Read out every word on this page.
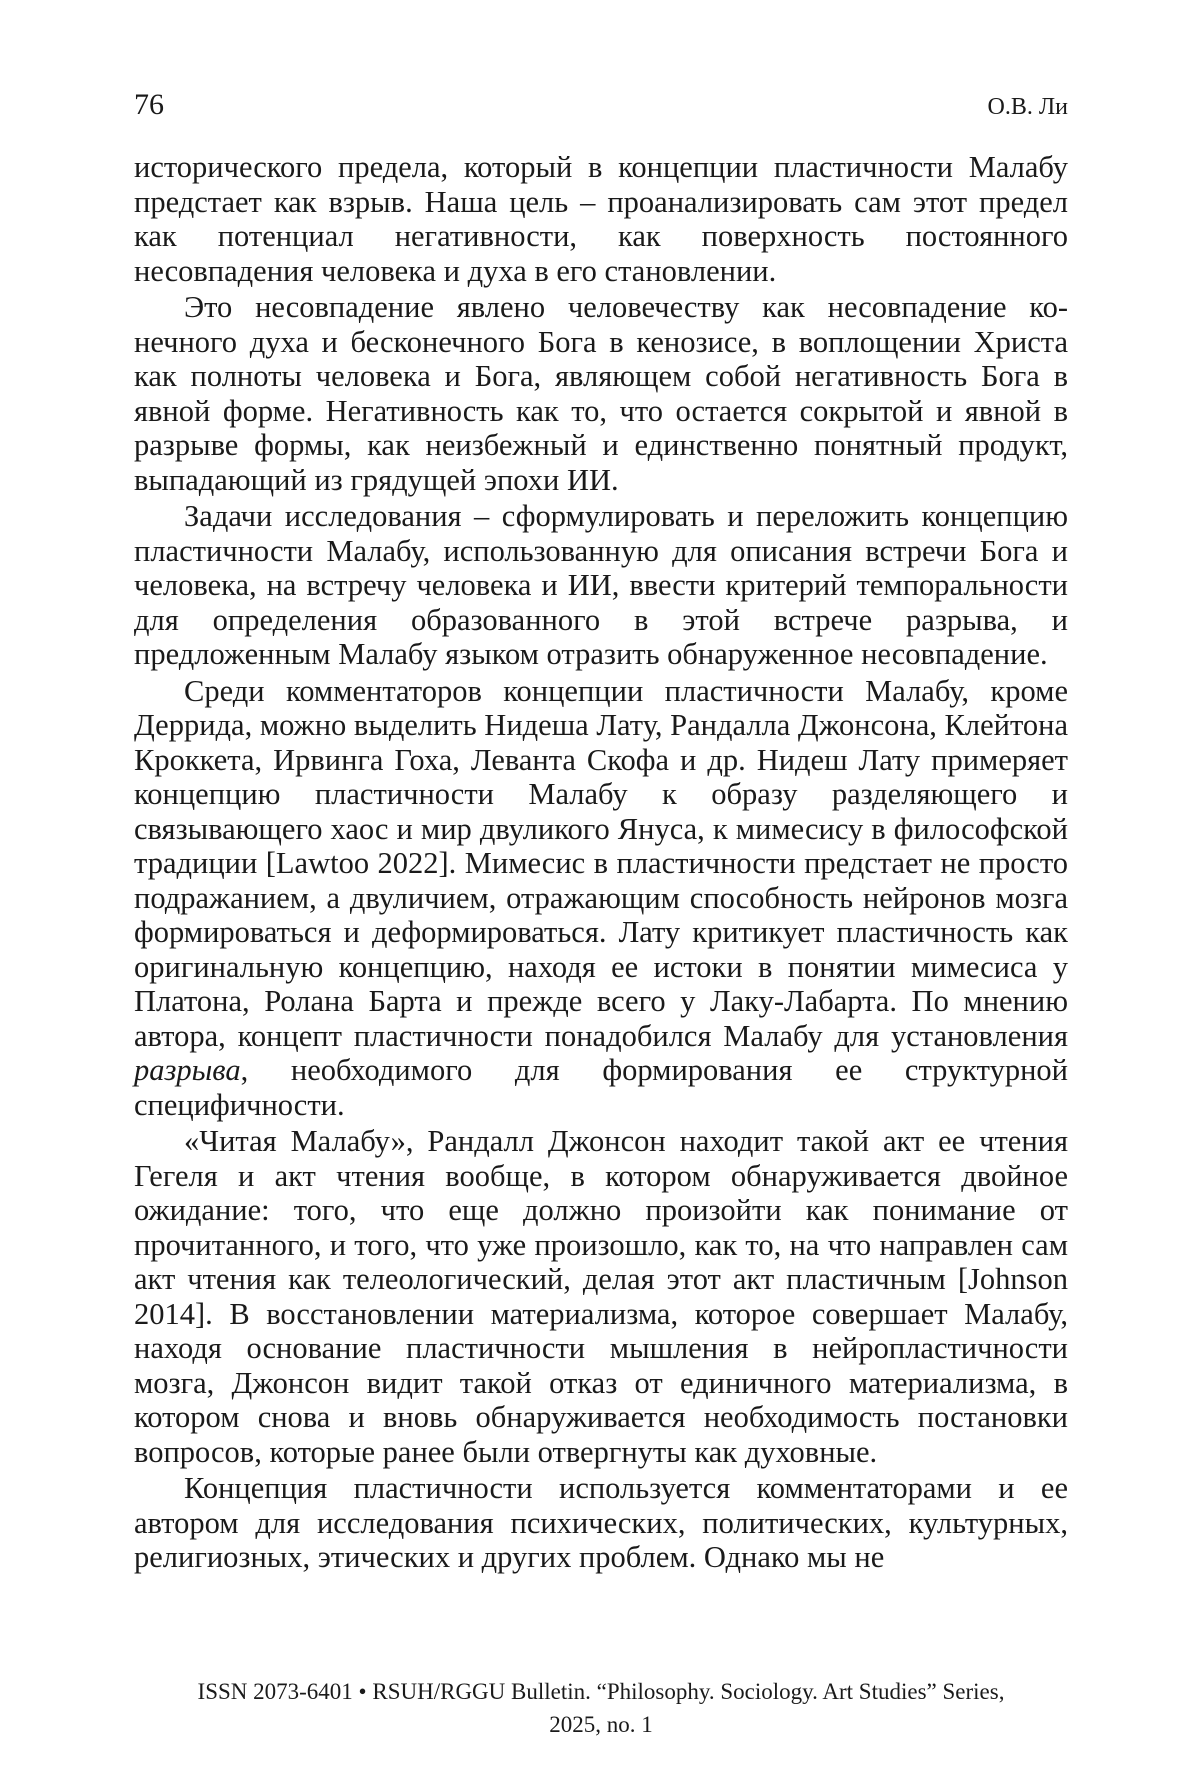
76	О.В. Ли

исторического предела, который в концепции пластичности Мала­бу предстает как взрыв. Наша цель – проанализировать сам этот предел как потенциал негативности, как поверхность постоянного несовпадения человека и духа в его становлении.

Это несовпадение явлено человечеству как несовпадение ко­нечного духа и бесконечного Бога в кенозисе, в воплощении Хри­ста как полноты человека и Бога, являющем собой негативность Бога в явной форме. Негативность как то, что остается сокрытой и явной в разрыве формы, как неизбежный и единственно понятный продукт, выпадающий из грядущей эпохи ИИ.

Задачи исследования – сформулировать и переложить кон­цепцию пластичности Малабу, использованную для описания встречи Бога и человека, на встречу человека и ИИ, ввести кри­терий темпоральности для определения образованного в этой встрече разрыва, и предложенным Малабу языком отразить обна­руженное несовпадение.

Среди комментаторов концепции пластичности Малабу, кро­ме Деррида, можно выделить Нидеша Лату, Рандалла Джонсона, Клейтона Кроккета, Ирвинга Гоха, Леванта Скофа и др. Нидеш Лату примеряет концепцию пластичности Малабу к образу разде­ляющего и связывающего хаос и мир двуликого Януса, к мимесису в философской традиции [Lawtoo 2022]. Мимесис в пластичности предстает не просто подражанием, а двуличием, отражающим способность нейронов мозга формироваться и деформироваться. Лату критикует пластичность как оригинальную концепцию, нахо­дя ее истоки в понятии мимесиса у Платона, Ролана Барта и преж­де всего у Лаку-Лабарта. По мнению автора, концепт пластичности понадобился Малабу для установления разрыва, необходимого для формирования ее структурной специфичности.

«Читая Малабу», Рандалл Джонсон находит такой акт ее чте­ния Гегеля и акт чтения вообще, в котором обнаруживается двой­ное ожидание: того, что еще должно произойти как понимание от прочитанного, и того, что уже произошло, как то, на что направлен сам акт чтения как телеологический, делая этот акт пластичным [Johnson 2014]. В восстановлении материализма, которое совер­шает Малабу, находя основание пластичности мышления в ней­ропластичности мозга, Джонсон видит такой отказ от единичного материализма, в котором снова и вновь обнаруживается необходи­мость постановки вопросов, которые ранее были отвергнуты как духовные.

Концепция пластичности используется комментаторами и ее автором для исследования психических, политических, культур­ных, религиозных, этических и других проблем. Однако мы не

ISSN 2073-6401 • RSUH/RGGU Bulletin. “Philosophy. Sociology. Art Studies” Series,
2025, no. 1
